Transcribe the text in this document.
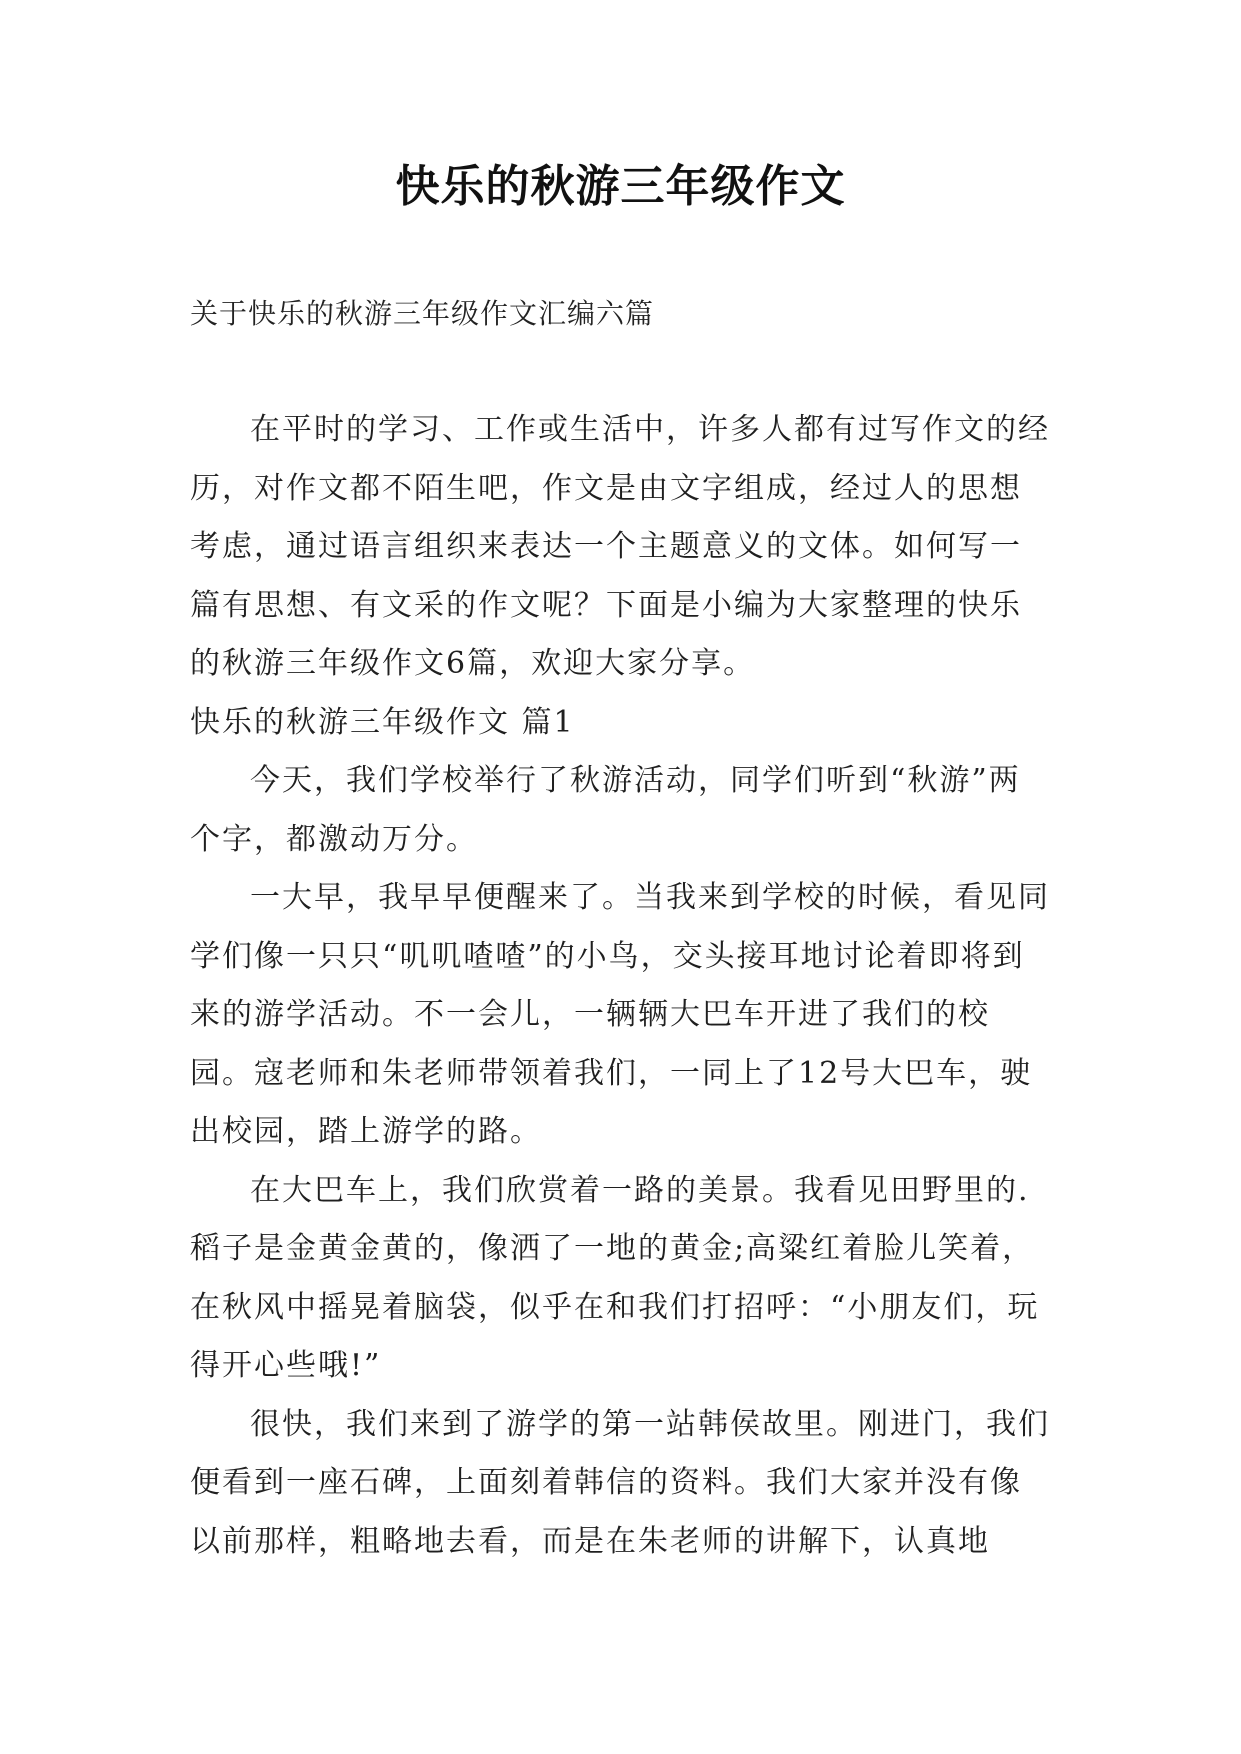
快乐的秋游三年级作文
关于快乐的秋游三年级作文汇编六篇

在平时的学习、工作或生活中，许多人都有过写作文的经历，对作文都不陌生吧，作文是由文字组成，经过人的思想考虑，通过语言组织来表达一个主题意义的文体。如何写一篇有思想、有文采的作文呢？下面是小编为大家整理的快乐的秋游三年级作文6篇，欢迎大家分享。

快乐的秋游三年级作文 篇1

今天，我们学校举行了秋游活动，同学们听到“秋游”两个字，都激动万分。

一大早，我早早便醒来了。当我来到学校的时候，看见同学们像一只只“叽叽喳喳”的小鸟，交头接耳地讨论着即将到来的游学活动。不一会儿，一辆辆大巴车开进了我们的校园。寇老师和朱老师带领着我们，一同上了12号大巴车，驶出校园，踏上游学的路。

在大巴车上，我们欣赏着一路的美景。我看见田野里的.稻子是金黄金黄的，像洒了一地的黄金;高粱红着脸儿笑着，在秋风中摇晃着脑袋，似乎在和我们打招呼：“小朋友们，玩得开心些哦!”

很快，我们来到了游学的第一站韩侯故里。刚进门，我们便看到一座石碑，上面刻着韩信的资料。我们大家并没有像以前那样，粗略地去看，而是在朱老师的讲解下，认真地
